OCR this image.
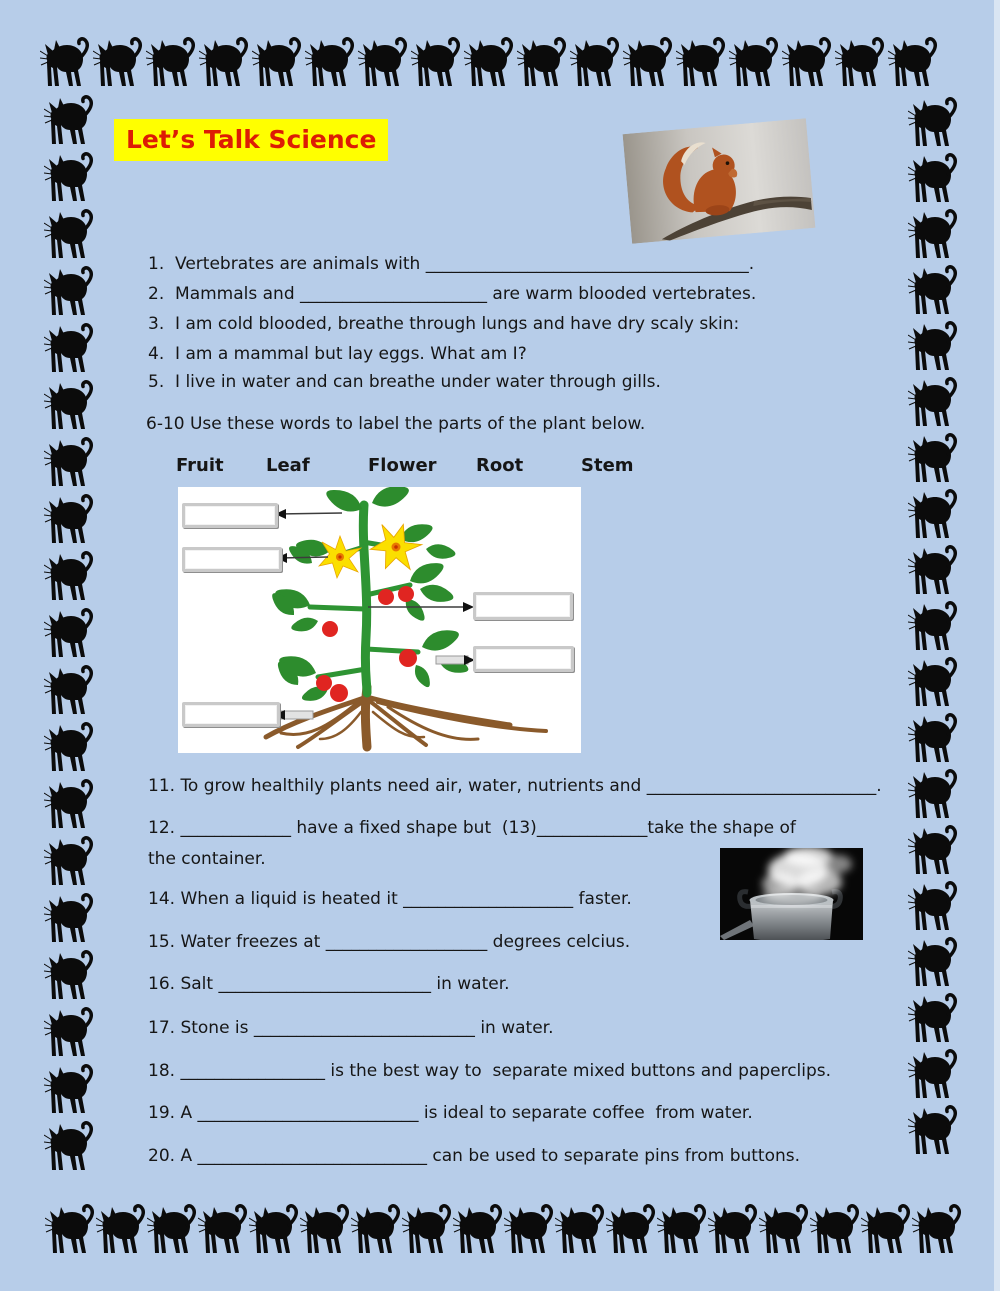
Let’s Talk Science
1.  Vertebrates are animals with ______________________________________.
2.  Mammals and ______________________ are warm blooded vertebrates.
3.  I am cold blooded, breathe through lungs and have dry scaly skin:
4.  I am a mammal but lay eggs. What am I?
5.  I live in water and can breathe under water through gills.
6-10 Use these words to label the parts of the plant below.
Fruit Leaf	Flower Root	Stem
11. To grow healthily plants need air, water, nutrients and ___________________________.
12. _____________ have a fixed shape but  (13)_____________take the shape of
the container.
14. When a liquid is heated it ____________________ faster.
15. Water freezes at ___________________ degrees celcius.
16. Salt _________________________ in water.
17. Stone is __________________________ in water.
18. _________________ is the best way to  separate mixed buttons and paperclips.
19. A __________________________ is ideal to separate coffee  from water.
20. A ___________________________ can be used to separate pins from buttons.
